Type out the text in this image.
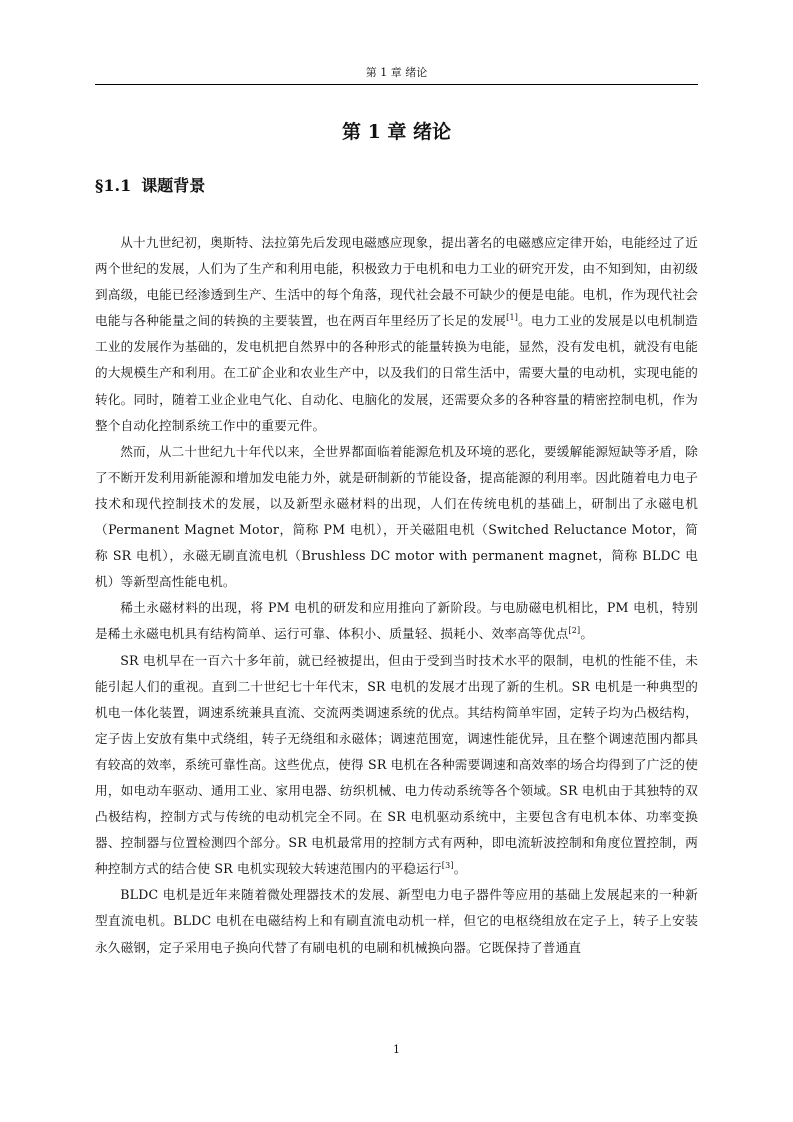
第 1 章 绪论
第 1 章 绪论
§1.1 课题背景

从十九世纪初，奥斯特、法拉第先后发现电磁感应现象，提出著名的电磁感应定律开始，电能经过了近两个世纪的发展，人们为了生产和利用电能，积极致力于电机和电力工业的研究开发，由不知到知，由初级到高级，电能已经渗透到生产、生活中的每个角落，现代社会最不可缺少的便是电能。电机，作为现代社会电能与各种能量之间的转换的主要装置，也在两百年里经历了长足的发展[1]。电力工业的发展是以电机制造工业的发展作为基础的，发电机把自然界中的各种形式的能量转换为电能，显然，没有发电机，就没有电能的大规模生产和利用。在工矿企业和农业生产中，以及我们的日常生活中，需要大量的电动机，实现电能的转化。同时，随着工业企业电气化、自动化、电脑化的发展，还需要众多的各种容量的精密控制电机，作为整个自动化控制系统工作中的重要元件。

然而，从二十世纪九十年代以来，全世界都面临着能源危机及环境的恶化，要缓解能源短缺等矛盾，除了不断开发利用新能源和增加发电能力外，就是研制新的节能设备，提高能源的利用率。因此随着电力电子技术和现代控制技术的发展，以及新型永磁材料的出现，人们在传统电机的基础上，研制出了永磁电机（Permanent Magnet Motor，简称 PM 电机），开关磁阻电机（Switched Reluctance Motor，简称 SR 电机），永磁无刷直流电机（Brushless DC motor with permanent magnet，简称 BLDC 电机）等新型高性能电机。

稀土永磁材料的出现，将 PM 电机的研发和应用推向了新阶段。与电励磁电机相比，PM 电机，特别是稀土永磁电机具有结构简单、运行可靠、体积小、质量轻、损耗小、效率高等优点[2]。

SR 电机早在一百六十多年前，就已经被提出，但由于受到当时技术水平的限制，电机的性能不佳，未能引起人们的重视。直到二十世纪七十年代末，SR 电机的发展才出现了新的生机。SR 电机是一种典型的机电一体化装置，调速系统兼具直流、交流两类调速系统的优点。其结构简单牢固，定转子均为凸极结构，定子齿上安放有集中式绕组，转子无绕组和永磁体；调速范围宽，调速性能优异，且在整个调速范围内都具有较高的效率，系统可靠性高。这些优点，使得 SR 电机在各种需要调速和高效率的场合均得到了广泛的使用，如电动车驱动、通用工业、家用电器、纺织机械、电力传动系统等各个领域。SR 电机由于其独特的双凸极结构，控制方式与传统的电动机完全不同。在 SR 电机驱动系统中，主要包含有电机本体、功率变换器、控制器与位置检测四个部分。SR 电机最常用的控制方式有两种，即电流斩波控制和角度位置控制，两种控制方式的结合使 SR 电机实现较大转速范围内的平稳运行[3]。

BLDC 电机是近年来随着微处理器技术的发展、新型电力电子器件等应用的基础上发展起来的一种新型直流电机。BLDC 电机在电磁结构上和有刷直流电动机一样，但它的电枢绕组放在定子上，转子上安装永久磁钢，定子采用电子换向代替了有刷电机的电刷和机械换向器。它既保持了普通直

1
